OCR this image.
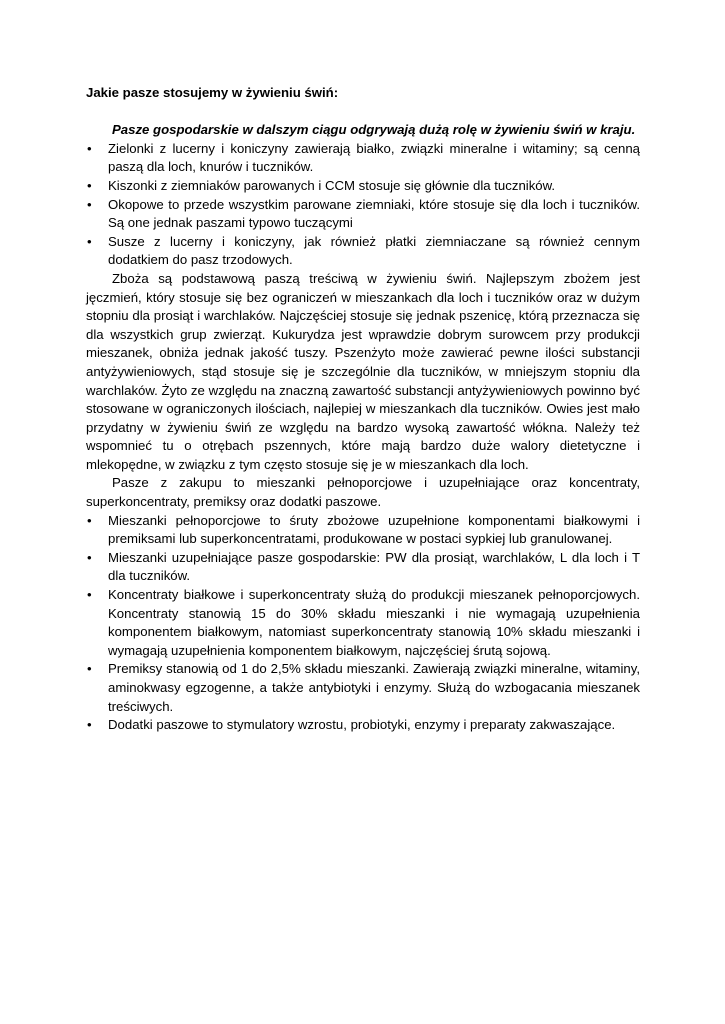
Jakie pasze stosujemy w żywieniu świń:

Pasze gospodarskie w dalszym ciągu odgrywają dużą rolę w żywieniu świń w kraju.

• Zielonki z lucerny i koniczyny zawierają białko, związki mineralne i witaminy; są cenną paszą dla loch, knurów i tuczników.
• Kiszonki z ziemniaków parowanych i CCM stosuje się głównie dla tuczników.
• Okopowe to przede wszystkim parowane ziemniaki, które stosuje się dla loch i tuczników. Są one jednak paszami typowo tuczącymi
• Susze z lucerny i koniczyny, jak również płatki ziemniaczane są również cennym dodatkiem do pasz trzodowych.

Zboża są podstawową paszą treściwą w żywieniu świń. Najlepszym zbożem jest jęczmień, który stosuje się bez ograniczeń w mieszankach dla loch i tuczników oraz w dużym stopniu dla prosiąt i warchlaków. Najczęściej stosuje się jednak pszenicę, którą przeznacza się dla wszystkich grup zwierząt. Kukurydza jest wprawdzie dobrym surowcem przy produkcji mieszanek, obniża jednak jakość tuszy. Pszenżyto może zawierać pewne ilości substancji antyżywieniowych, stąd stosuje się je szczególnie dla tuczników, w mniejszym stopniu dla warchlaków. Żyto ze względu na znaczną zawartość substancji antyżywieniowych powinno być stosowane w ograniczonych ilościach, najlepiej w mieszankach dla tuczników. Owies jest mało przydatny w żywieniu świń ze względu na bardzo wysoką zawartość włókna. Należy też wspomnieć tu o otrębach pszennych, które mają bardzo duże walory dietetyczne i mlekopędne, w związku z tym często stosuje się je w mieszankach dla loch.

Pasze z zakupu to mieszanki pełnoporcjowe i uzupełniające oraz koncentraty, superkoncentraty, premiksy oraz dodatki paszowe.

• Mieszanki pełnoporcjowe to śruty zbożowe uzupełnione komponentami białkowymi i premiksami lub superkoncentratami, produkowane w postaci sypkiej lub granulowanej.
• Mieszanki uzupełniające pasze gospodarskie: PW dla prosiąt, warchlaków, L dla loch i T dla tuczników.
• Koncentraty białkowe i superkoncentraty służą do produkcji mieszanek pełnoporcjowych. Koncentraty stanowią 15 do 30% składu mieszanki i nie wymagają uzupełnienia komponentem białkowym, natomiast superkoncentraty stanowią 10% składu mieszanki i wymagają uzupełnienia komponentem białkowym, najczęściej śrutą sojową.
• Premiksy stanowią od 1 do 2,5% składu mieszanki. Zawierają związki mineralne, witaminy, aminokwasy egzogenne, a także antybiotyki i enzymy. Służą do wzbogacania mieszanek treściwych.
• Dodatki paszowe to stymulatory wzrostu, probiotyki, enzymy i preparaty zakwaszające.
